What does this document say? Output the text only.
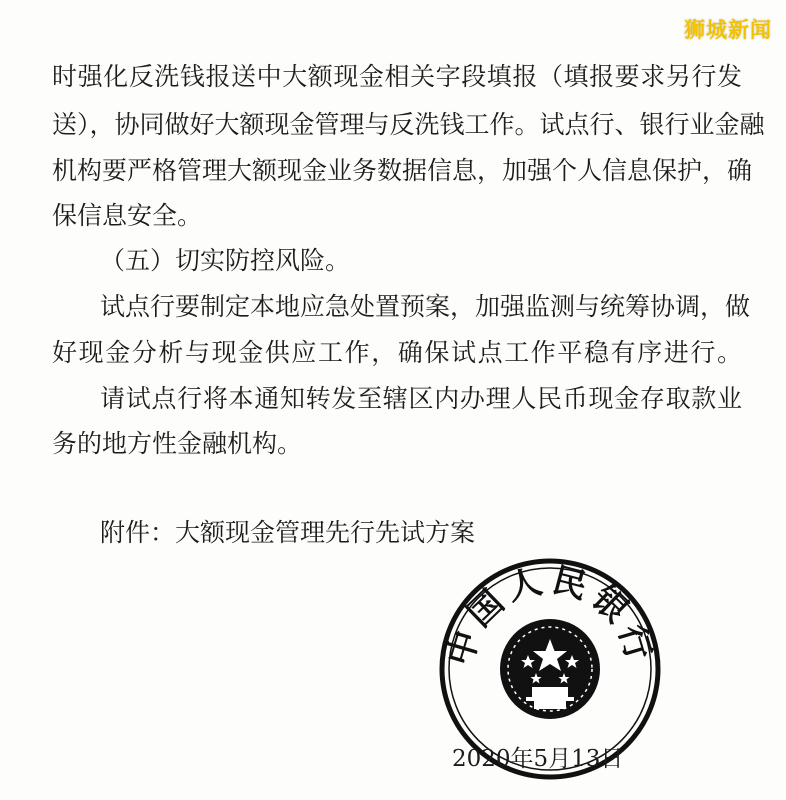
狮城新闻
时强化反洗钱报送中大额现金相关字段填报（填报要求另行发
送），协同做好大额现金管理与反洗钱工作。试点行、银行业金融
机构要严格管理大额现金业务数据信息，加强个人信息保护，确
保信息安全。
（五）切实防控风险。
试点行要制定本地应急处置预案，加强监测与统筹协调，做
好现金分析与现金供应工作，确保试点工作平稳有序进行。
请试点行将本通知转发至辖区内办理人民币现金存取款业
务的地方性金融机构。
附件：大额现金管理先行先试方案
中国人民银行
2020年5月13日
